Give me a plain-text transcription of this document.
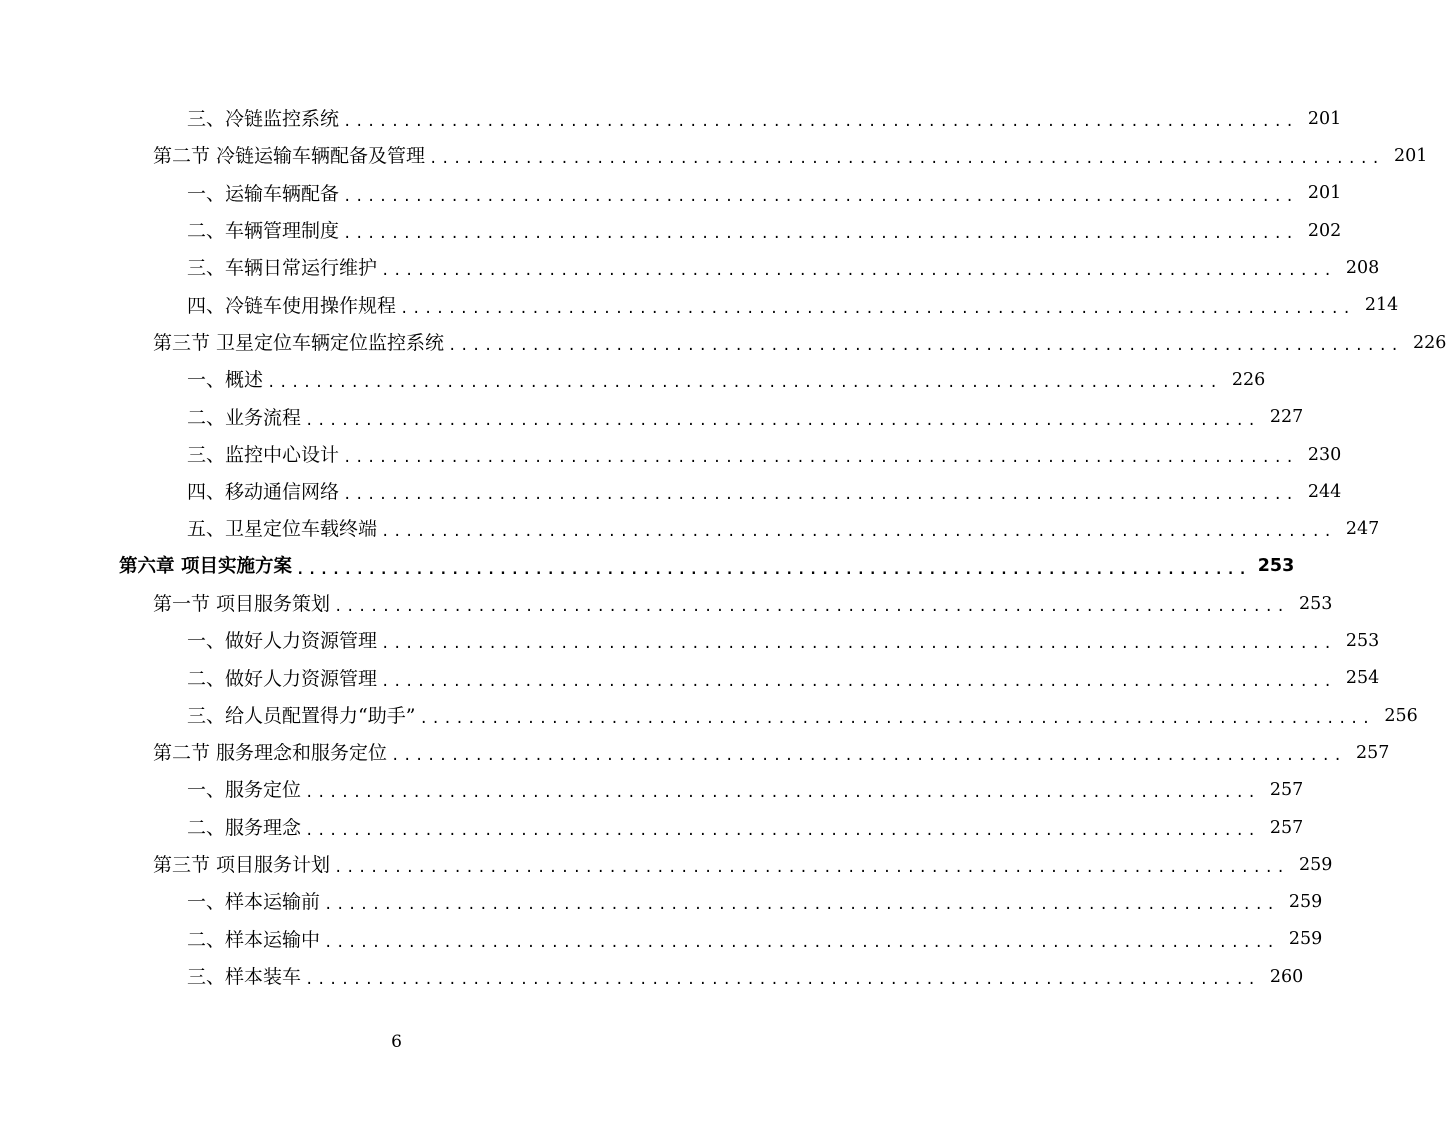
三、冷链监控系统 ................................................................................ 201
第二节 冷链运输车辆配备及管理 ................................................................................ 201
一、运输车辆配备 ................................................................................ 201
二、车辆管理制度 ................................................................................ 202
三、车辆日常运行维护 ................................................................................ 208
四、冷链车使用操作规程 ................................................................................ 214
第三节 卫星定位车辆定位监控系统 ................................................................................ 226
一、概述 ................................................................................ 226
二、业务流程 ................................................................................ 227
三、监控中心设计 ................................................................................ 230
四、移动通信网络 ................................................................................ 244
五、卫星定位车载终端 ................................................................................ 247
第六章 项目实施方案 ................................................................................ 253
第一节 项目服务策划 ................................................................................ 253
一、做好人力资源管理 ................................................................................ 253
二、做好人力资源管理 ................................................................................ 254
三、给人员配置得力“助手” ................................................................................ 256
第二节 服务理念和服务定位 ................................................................................ 257
一、服务定位 ................................................................................ 257
二、服务理念 ................................................................................ 257
第三节 项目服务计划 ................................................................................ 259
一、样本运输前 ................................................................................ 259
二、样本运输中 ................................................................................ 259
三、样本装车 ................................................................................ 260
6
